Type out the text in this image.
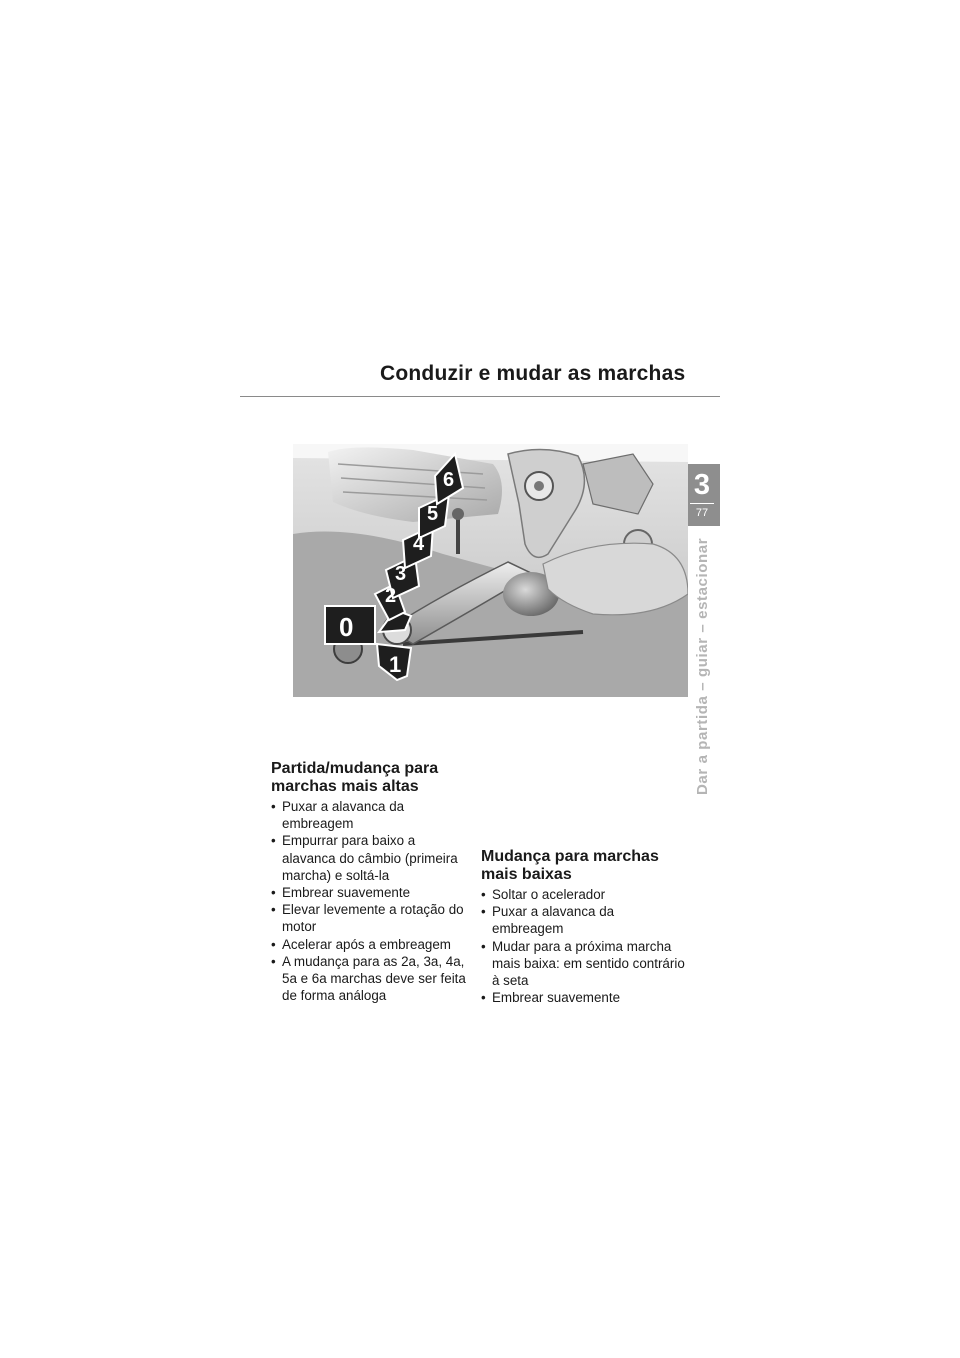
Conduzir e mudar as marchas
3
77
Dar a partida – guiar – estacionar
0
1
2
3
4
5
6
Partida/mudança para marchas mais altas
• Puxar a alavanca da embreagem
• Empurrar para baixo a alavanca do câmbio (primeira marcha) e soltá-la
• Embrear suavemente
• Elevar levemente a rotação do motor
• Acelerar após a embreagem
• A mudança para as 2a, 3a, 4a, 5a e 6a marchas deve ser feita de forma análoga
Mudança para marchas mais baixas
• Soltar o acelerador
• Puxar a alavanca da embreagem
• Mudar para a próxima marcha mais baixa: em sentido contrário à seta
• Embrear suavemente
